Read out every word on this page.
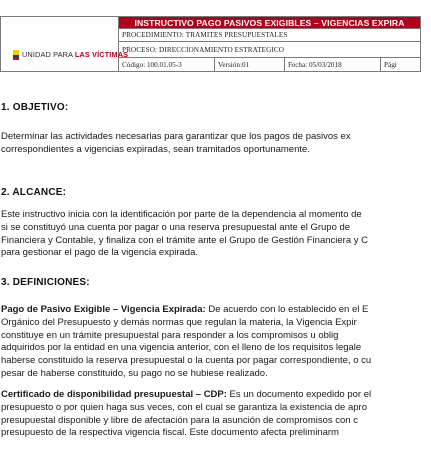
UNIDAD PARA LAS VÍCTIMAS	INSTRUCTIVO PAGO PASIVOS EXIGIBLES – VIGENCIAS EXPIRA			
	PROCEDIMIENTO: TRAMITES PRESUPUESTALES			
	PROCESO: DIRECCIONAMIENTO ESTRATEGICO			
	Código: 100.01.05-3	Versión:01	Fecha: 05/03/2018	Pági
1. OBJETIVO:
Determinar las actividades necesarias para garantizar que los pagos de pasivos ex
correspondientes a vigencias expiradas, sean tramitados oportunamente.
2. ALCANCE:
Este instructivo inicia con la identificación por parte de la dependencia al momento de
si se constituyó una cuenta por pagar o una reserva presupuestal ante el Grupo de
Financiera y Contable, y finaliza con el trámite ante el Grupo de Gestión Financiera y C
para gestionar el pago de la vigencia expirada.
3. DEFINICIONES:
Pago de Pasivo Exigible – Vigencia Expirada: De acuerdo con lo establecido en el E
Orgánico del Presupuesto y demás normas que regulan la materia, la Vigencia Expir
constituye en un trámite presupuestal para responder a los compromisos u oblig
adquiridos por la entidad en una vigencia anterior, con el lleno de los requisitos legale
haberse constituido la reserva presupuestal o la cuenta por pagar correspondiente, o cu
pesar de haberse constituido, su pago no se hubiese realizado.
Certificado de disponibilidad presupuestal – CDP: Es un documento expedido por el
presupuesto o por quien haga sus veces, con el cual se garantiza la existencia de apro
presupuestal disponible y libre de afectación para la asunción de compromisos con c
presupuesto de la respectiva vigencia fiscal. Este documento afecta preliminarm
